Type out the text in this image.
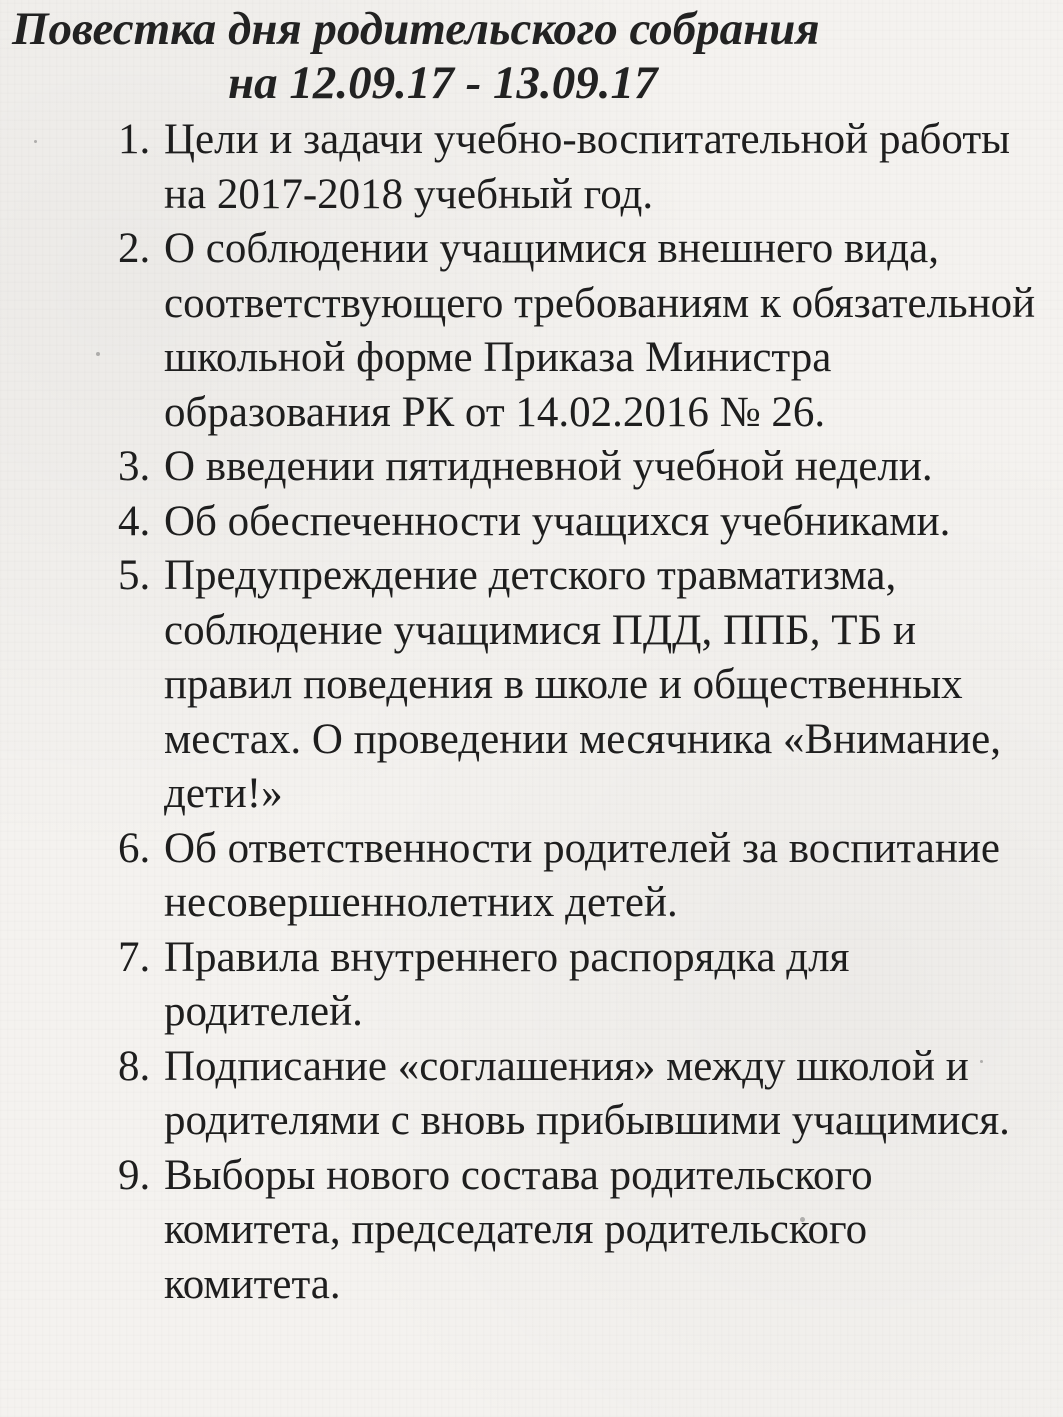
Повестка дня родительского собрания
на 12.09.17 - 13.09.17
1. Цели и задачи учебно-воспитательной работы на 2017-2018 учебный год.
2. О соблюдении учащимися внешнего вида, соответствующего требованиям к обязательной школьной форме Приказа Министра образования РК от 14.02.2016 № 26.
3. О введении пятидневной учебной недели.
4. Об обеспеченности учащихся учебниками.
5. Предупреждение детского травматизма, соблюдение учащимися ПДД, ППБ, ТБ и правил поведения в школе и общественных местах. О проведении месячника «Внимание, дети!»
6. Об ответственности родителей за воспитание несовершеннолетних детей.
7. Правила внутреннего распорядка для родителей.
8. Подписание «соглашения» между школой и родителями с вновь прибывшими учащимися.
9. Выборы нового состава родительского комитета, председателя родительского комитета.
